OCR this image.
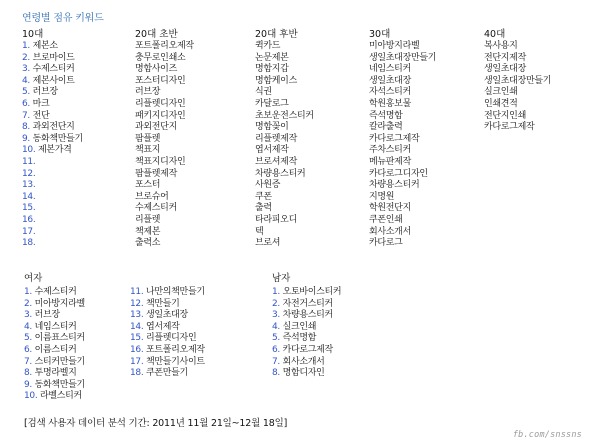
연령별 점유 키워드
10대
1. 제본소
2. 브로마이드
3. 수제스티커
4. 제본사이트
5. 러브장
6. 마크
7. 전단
8. 과외전단지
9. 동화책만들기
10. 제본가격
11.
12.
13.
14.
15.
16.
17.
18.
20대 초반
포트폴리오제작
충무로인쇄소
명함사이즈
포스터디자인
러브장
리플렛디자인
패키지디자인
과외전단지
팜플렛
책표지
책표지디자인
팜플렛제작
포스터
브로슈어
수제스티커
리플렛
책제본
출력소
20대 후반
퀵카드
논문제본
명함지갑
명함케이스
식권
카달로그
초보운전스티커
명함꽂이
리플렛제작
엽서제작
브로셔제작
차량용스티커
사원증
쿠폰
출력
타라피오디
텍
브로셔
30대
미아방지라벨
생일초대장만들기
네임스티커
생일초대장
자석스티커
학원홍보물
즉석명함
칼라출력
카다로그제작
주차스티커
메뉴판제작
카다로그디자인
차량용스티커
지명원
학원전단지
쿠폰인쇄
회사소개서
카다로그
40대
복사용지
전단지제작
생일초대장
생일초대장만들기
실크인쇄
인쇄견적
전단지인쇄
카다로그제작
여자
1. 수제스티커
2. 미아방지라벨
3. 러브장
4. 네임스티커
5. 이름표스티커
6. 이름스티커
7. 스티커만들기
8. 투명라벨지
9. 동화책만들기
10. 라벨스티커
11. 나만의책만들기
12. 책만들기
13. 생일초대장
14. 엽서제작
15. 리플렛디자인
16. 포트폴리오제작
17. 책만들기사이트
18. 쿠폰만들기
남자
1. 오토바이스티커
2. 자전거스티커
3. 차량용스티커
4. 실크인쇄
5. 즉석명함
6. 카다로그제작
7. 회사소개서
8. 명함디자인
[검색 사용자 데이터 분석 기간: 2011년 11월 21일~12월 18일]
fb.com/snssns
